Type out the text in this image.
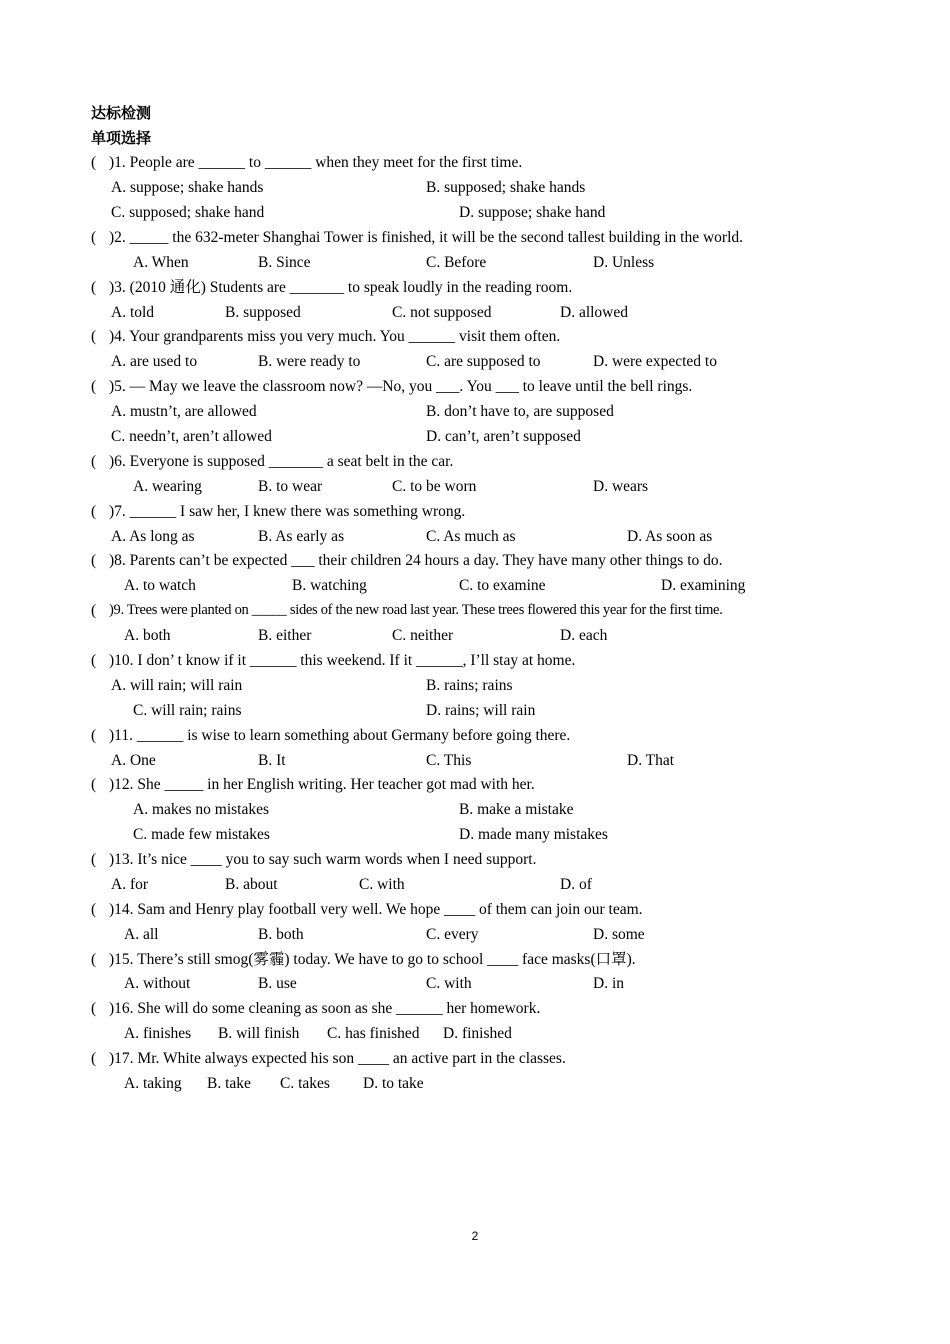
达标检测
单项选择
( )1. People are ______ to ______ when they meet for the first time.
A. suppose; shake hands	B. supposed; shake hands
C. supposed; shake hand	D. suppose; shake hand
( )2. _____ the 632-meter Shanghai Tower is finished, it will be the second tallest building in the world.
A. When	B. Since	C. Before	D. Unless
( )3. (2010 通化) Students are _______ to speak loudly in the reading room.
A. told	B. supposed	C. not supposed	D. allowed
( )4. Your grandparents miss you very much. You ______ visit them often.
A. are used to	B. were ready to	C. are supposed to	D. were expected to
( )5. — May we leave the classroom now? —No, you ___. You ___ to leave until the bell rings.
A. mustn’t, are allowed	B. don’t have to, are supposed
C. needn’t, aren’t allowed	D. can’t, aren’t supposed
( )6. Everyone is supposed _______ a seat belt in the car.
A. wearing	B. to wear	C. to be worn	D. wears
( )7. ______ I saw her, I knew there was something wrong.
A. As long as	B. As early as	C. As much as	D. As soon as
( )8. Parents can’t be expected ___ their children 24 hours a day. They have many other things to do.
A. to watch	B. watching	C. to examine	D. examining
( )9. Trees were planted on _____ sides of the new road last year. These trees flowered this year for the first time.
A. both	B. either	C. neither	D. each
( )10. I don’ t know if it ______ this weekend. If it ______, I’ll stay at home.
A. will rain; will rain	B. rains; rains
C. will rain; rains	D. rains; will rain
( )11. ______ is wise to learn something about Germany before going there.
A. One	B. It	C. This	D. That
( )12. She _____ in her English writing. Her teacher got mad with her.
A. makes no mistakes	B. make a mistake
C. made few mistakes	D. made many mistakes
( )13. It’s nice ____ you to say such warm words when I need support.
A. for	B. about	C. with	D. of
( )14. Sam and Henry play football very well. We hope ____ of them can join our team.
A. all	B. both	C. every	D. some
( )15. There’s still smog(雾霾) today. We have to go to school ____ face masks(口罩).
A. without	B. use	C. with	D. in
( )16. She will do some cleaning as soon as she ______ her homework.
A. finishes B. will finish C. has finished D. finished
( )17. Mr. White always expected his son ____ an active part in the classes.
A. taking B. take C. takes D. to take
2
